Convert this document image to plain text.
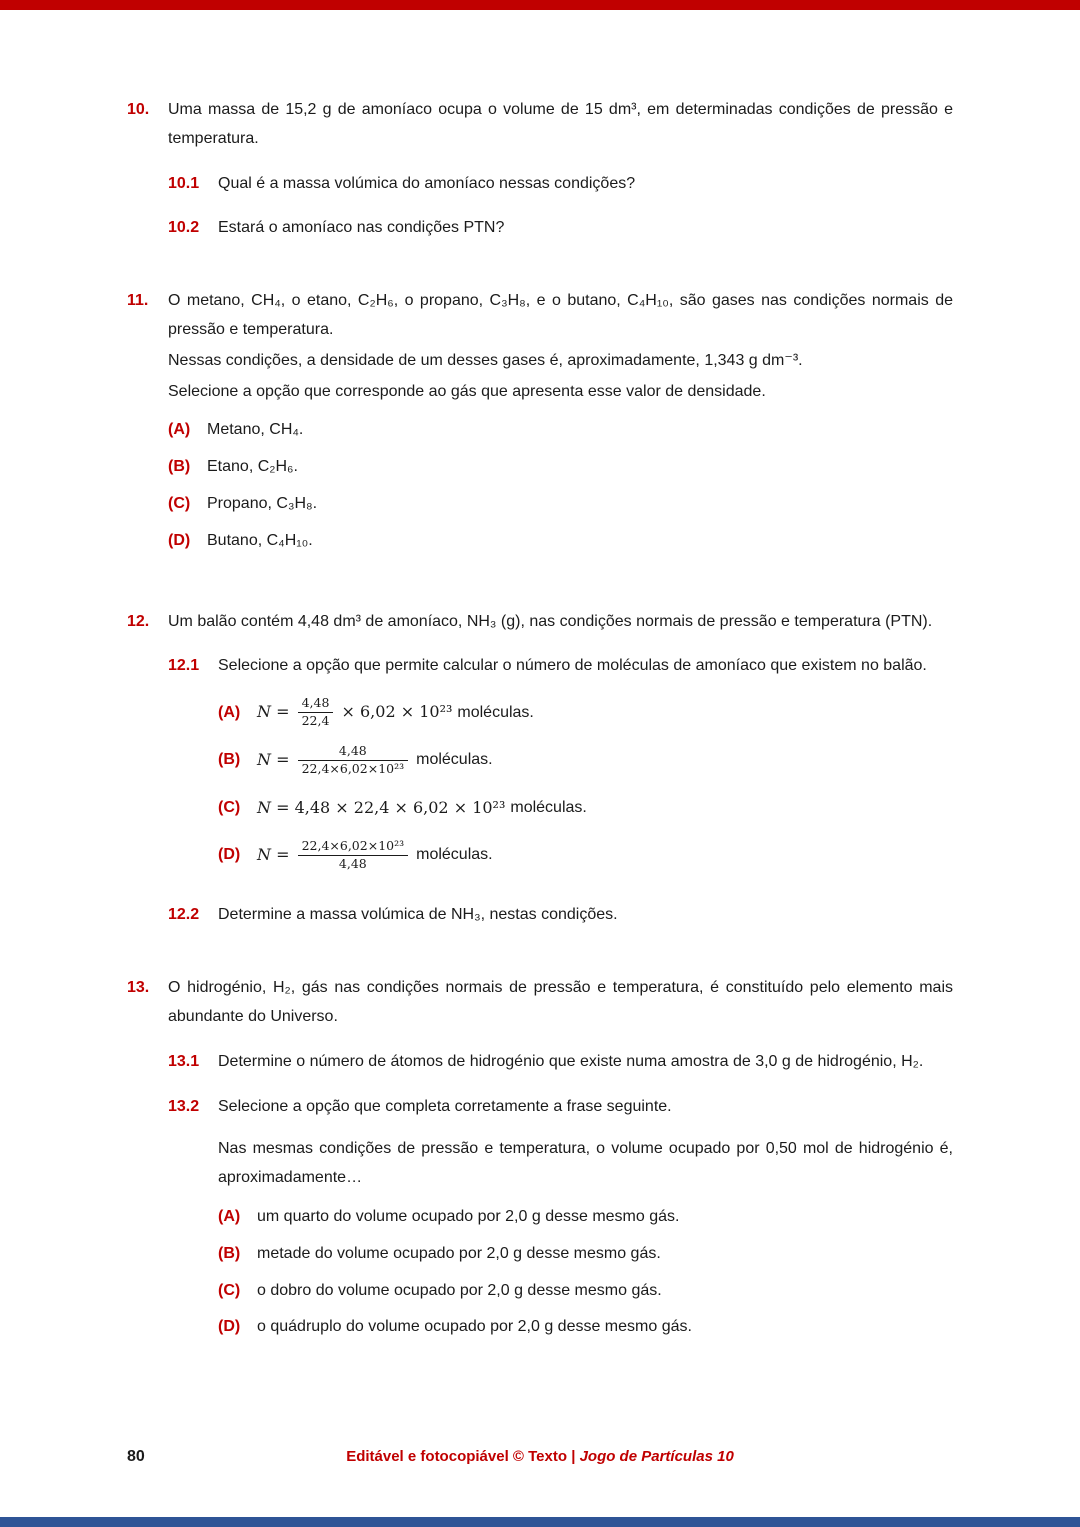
10.	Uma massa de 15,2 g de amoníaco ocupa o volume de 15 dm³, em determinadas condições de pressão e temperatura.
10.1	Qual é a massa volúmica do amoníaco nessas condições?
10.2	Estará o amoníaco nas condições PTN?
11.	O metano, CH₄, o etano, C₂H₆, o propano, C₃H₈, e o butano, C₄H₁₀, são gases nas condições normais de pressão e temperatura.
Nessas condições, a densidade de um desses gases é, aproximadamente, 1,343 g dm⁻³.
Selecione a opção que corresponde ao gás que apresenta esse valor de densidade.
(A)	Metano, CH₄.
(B)	Etano, C₂H₆.
(C)	Propano, C₃H₈.
(D)	Butano, C₄H₁₀.
12.	Um balão contém 4,48 dm³ de amoníaco, NH₃ (g), nas condições normais de pressão e temperatura (PTN).
12.1	Selecione a opção que permite calcular o número de moléculas de amoníaco que existem no balão.
(A)	$N = \frac{4,48}{22,4} \times 6,02 \times 10^{23}$ moléculas.
(B)	$N = \frac{4,48}{\text{22,4×6,02×10²³}}$ moléculas.
(C)	N = 4,48 × 22,4 × 6,02 × 10²³ moléculas.
(D)	$N = \frac{\text{22,4×6,02×10²³}}{4,48}$ moléculas.
12.2	Determine a massa volúmica de NH₃, nestas condições.
13.	O hidrogénio, H₂, gás nas condições normais de pressão e temperatura, é constituído pelo elemento mais abundante do Universo.
13.1	Determine o número de átomos de hidrogénio que existe numa amostra de 3,0 g de hidrogénio, H₂.
13.2	Selecione a opção que completa corretamente a frase seguinte.
Nas mesmas condições de pressão e temperatura, o volume ocupado por 0,50 mol de hidrogénio é, aproximadamente…
(A)	um quarto do volume ocupado por 2,0 g desse mesmo gás.
(B)	metade do volume ocupado por 2,0 g desse mesmo gás.
(C)	o dobro do volume ocupado por 2,0 g desse mesmo gás.
(D)	o quádruplo do volume ocupado por 2,0 g desse mesmo gás.
80	Editável e fotocopiável © Texto | Jogo de Partículas 10
